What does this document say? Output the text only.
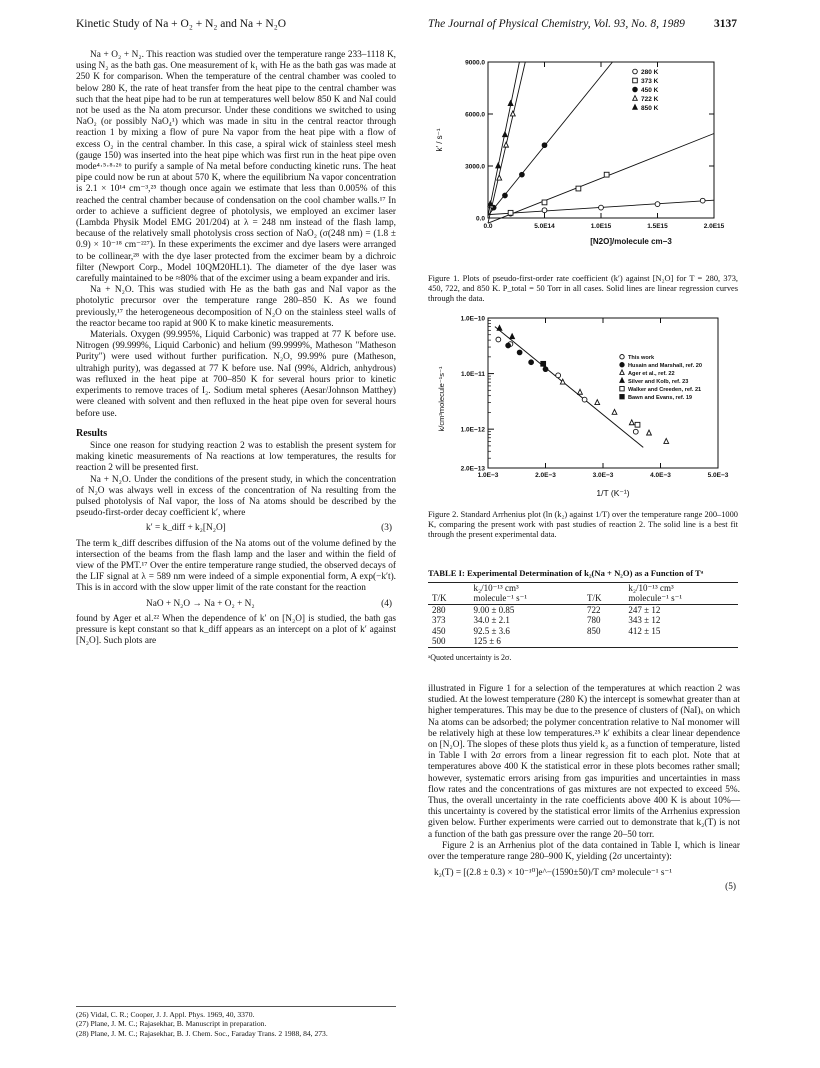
Kinetic Study of Na + O₂ + N₂ and Na + N₂O	The Journal of Physical Chemistry, Vol. 93, No. 8, 1989	3137

Na + O₂ + N₂. This reaction was studied over the temperature range 233–1118 K, using N₂ as the bath gas. One measurement of k₁ with He as the bath gas was made at 250 K for comparison. When the temperature of the central chamber was cooled to below 280 K, the rate of heat transfer from the heat pipe to the central chamber was such that the heat pipe had to be run at temperatures well below 850 K and NaI could not be used as the Na atom precursor. Under these conditions we switched to using NaO₂ (or possibly NaO₄¹) which was made in situ in the central reactor through reaction 1 by mixing a flow of pure Na vapor from the heat pipe with a flow of excess O₂ in the central chamber. In this case, a spiral wick of stainless steel mesh (gauge 150) was inserted into the heat pipe which was first run in the heat pipe oven mode⁴·⁵·⁸·²⁶ to purify a sample of Na metal before conducting kinetic runs. The heat pipe could now be run at about 570 K, where the equilibrium Na vapor concentration is 2.1 × 10¹⁴ cm⁻³,²⁵ though once again we estimate that less than 0.005% of this reached the central chamber because of condensation on the cool chamber walls.¹⁷ In order to achieve a sufficient degree of photolysis, we employed an excimer laser (Lambda Physik Model EMG 201/204) at λ = 248 nm instead of the flash lamp, because of the relatively small photolysis cross section of NaO₂ (σ(248 nm) = (1.8 ± 0.9) × 10⁻¹⁸ cm⁻²²⁷). In these experiments the excimer and dye lasers were arranged to be collinear,²⁸ with the dye laser protected from the excimer beam by a dichroic filter (Newport Corp., Model 10QM20HL1). The diameter of the dye laser was carefully maintained to be ≈80% that of the excimer using a beam expander and iris.

Na + N₂O. This was studied with He as the bath gas and NaI vapor as the photolytic precursor over the temperature range 280–850 K. As we found previously,¹⁷ the heterogeneous decomposition of N₂O on the stainless steel walls of the reactor became too rapid at 900 K to make kinetic measurements.

Materials. Oxygen (99.995%, Liquid Carbonic) was trapped at 77 K before use. Nitrogen (99.999%, Liquid Carbonic) and helium (99.9999%, Matheson "Matheson Purity") were used without further purification. N₂O, 99.99% pure (Matheson, ultrahigh purity), was degassed at 77 K before use. NaI (99%, Aldrich, anhydrous) was refluxed in the heat pipe at 700–850 K for several hours prior to kinetic experiments to remove traces of I₂. Sodium metal spheres (Aesar/Johnson Matthey) were cleaned with solvent and then refluxed in the heat pipe oven for several hours before use.

Results

Since one reason for studying reaction 2 was to establish the present system for making kinetic measurements of Na reactions at low temperatures, the results for reaction 2 will be presented first.

Na + N₂O. Under the conditions of the present study, in which the concentration of N₂O was always well in excess of the concentration of Na resulting from the pulsed photolysis of NaI vapor, the loss of Na atoms should be described by the pseudo-first-order decay coefficient k′, where

k′ = k_diff + k₂[N₂O]	(3)

The term k_diff describes diffusion of the Na atoms out of the volume defined by the intersection of the beams from the flash lamp and the laser and within the field of view of the PMT.¹⁷ Over the entire temperature range studied, the observed decays of the LIF signal at λ = 589 nm were indeed of a simple exponential form, A exp(−k′t). This is in accord with the slow upper limit of the rate constant for the reaction

NaO + N₂O → Na + O₂ + N₂	(4)

found by Ager et al.²² When the dependence of k′ on [N₂O] is studied, the bath gas pressure is kept constant so that k_diff appears as an intercept on a plot of k′ against [N₂O]. Such plots are

(26) Vidal, C. R.; Cooper, J. J. Appl. Phys. 1969, 40, 3370.
(27) Plane, J. M. C.; Rajasekhar, B. Manuscript in preparation.
(28) Plane, J. M. C.; Rajasekhar, B. J. Chem. Soc., Faraday Trans. 2 1988, 84, 273.
0.0	5.0E14	1.0E15	1.5E15	2.0E15
0.0
3000.0
6000.0
9000.0
[N2O]/molecule cm−3
k′ / s⁻¹
280 K
373 K
450 K
722 K
850 K
Figure 1. Plots of pseudo-first-order rate coefficient (k′) against [N₂O] for T = 280, 373, 450, 722, and 850 K. P_total = 50 Torr in all cases. Solid lines are linear regression curves through the data.
1.0E−3	2.0E−3	3.0E−3	4.0E−3	5.0E−3
2.0E−13
1.0E−12
1.0E−11
1.0E−10
1/T (K⁻¹)
k/cm³molecule⁻¹s⁻¹
This work
Husain and Marshall, ref. 20
Ager et al., ref. 22
Silver and Kolb, ref. 23
Walker and Creeden, ref. 21
Bawn and Evans, ref. 19
Figure 2. Standard Arrhenius plot (ln (k₂) against 1/T) over the temperature range 200–1000 K, comparing the present work with past studies of reaction 2. The solid line is a best fit through the present experimental data.
TABLE I: Experimental Determination of k₂(Na + N₂O) as a Function of Tᵃ
T/K	k₂/10⁻¹³ cm³
molecule⁻¹ s⁻¹	T/K	k₂/10⁻¹³ cm³
molecule⁻¹ s⁻¹
280	9.00 ± 0.85	722	247 ± 12
373	34.0 ± 2.1	780	343 ± 12
450	92.5 ± 3.6	850	412 ± 15
500	125 ± 6		
ᵃQuoted uncertainty is 2σ.

illustrated in Figure 1 for a selection of the temperatures at which reaction 2 was studied. At the lowest temperature (280 K) the intercept is somewhat greater than at higher temperatures. This may be due to the presence of clusters of (NaI)ₓ on which Na atoms can be adsorbed; the polymer concentration relative to NaI monomer will be relatively high at these low temperatures.²⁵ k′ exhibits a clear linear dependence on [N₂O]. The slopes of these plots thus yield k₂ as a function of temperature, listed in Table I with 2σ errors from a linear regression fit to each plot. Note that at temperatures above 400 K the statistical error in these plots becomes rather small; however, systematic errors arising from gas impurities and uncertainties in mass flow rates and the concentrations of gas mixtures are not expected to exceed 5%. Thus, the overall uncertainty in the rate coefficients above 400 K is about 10%—this uncertainty is covered by the statistical error limits of the Arrhenius expression given below. Further experiments were carried out to demonstrate that k₂(T) is not a function of the bath gas pressure over the range 20–50 torr.

Figure 2 is an Arrhenius plot of the data contained in Table I, which is linear over the temperature range 280–900 K, yielding (2σ uncertainty):

k₂(T) = [(2.8 ± 0.3) × 10⁻¹⁰]e^−(1590±50)/T cm³ molecule⁻¹ s⁻¹
(5)
